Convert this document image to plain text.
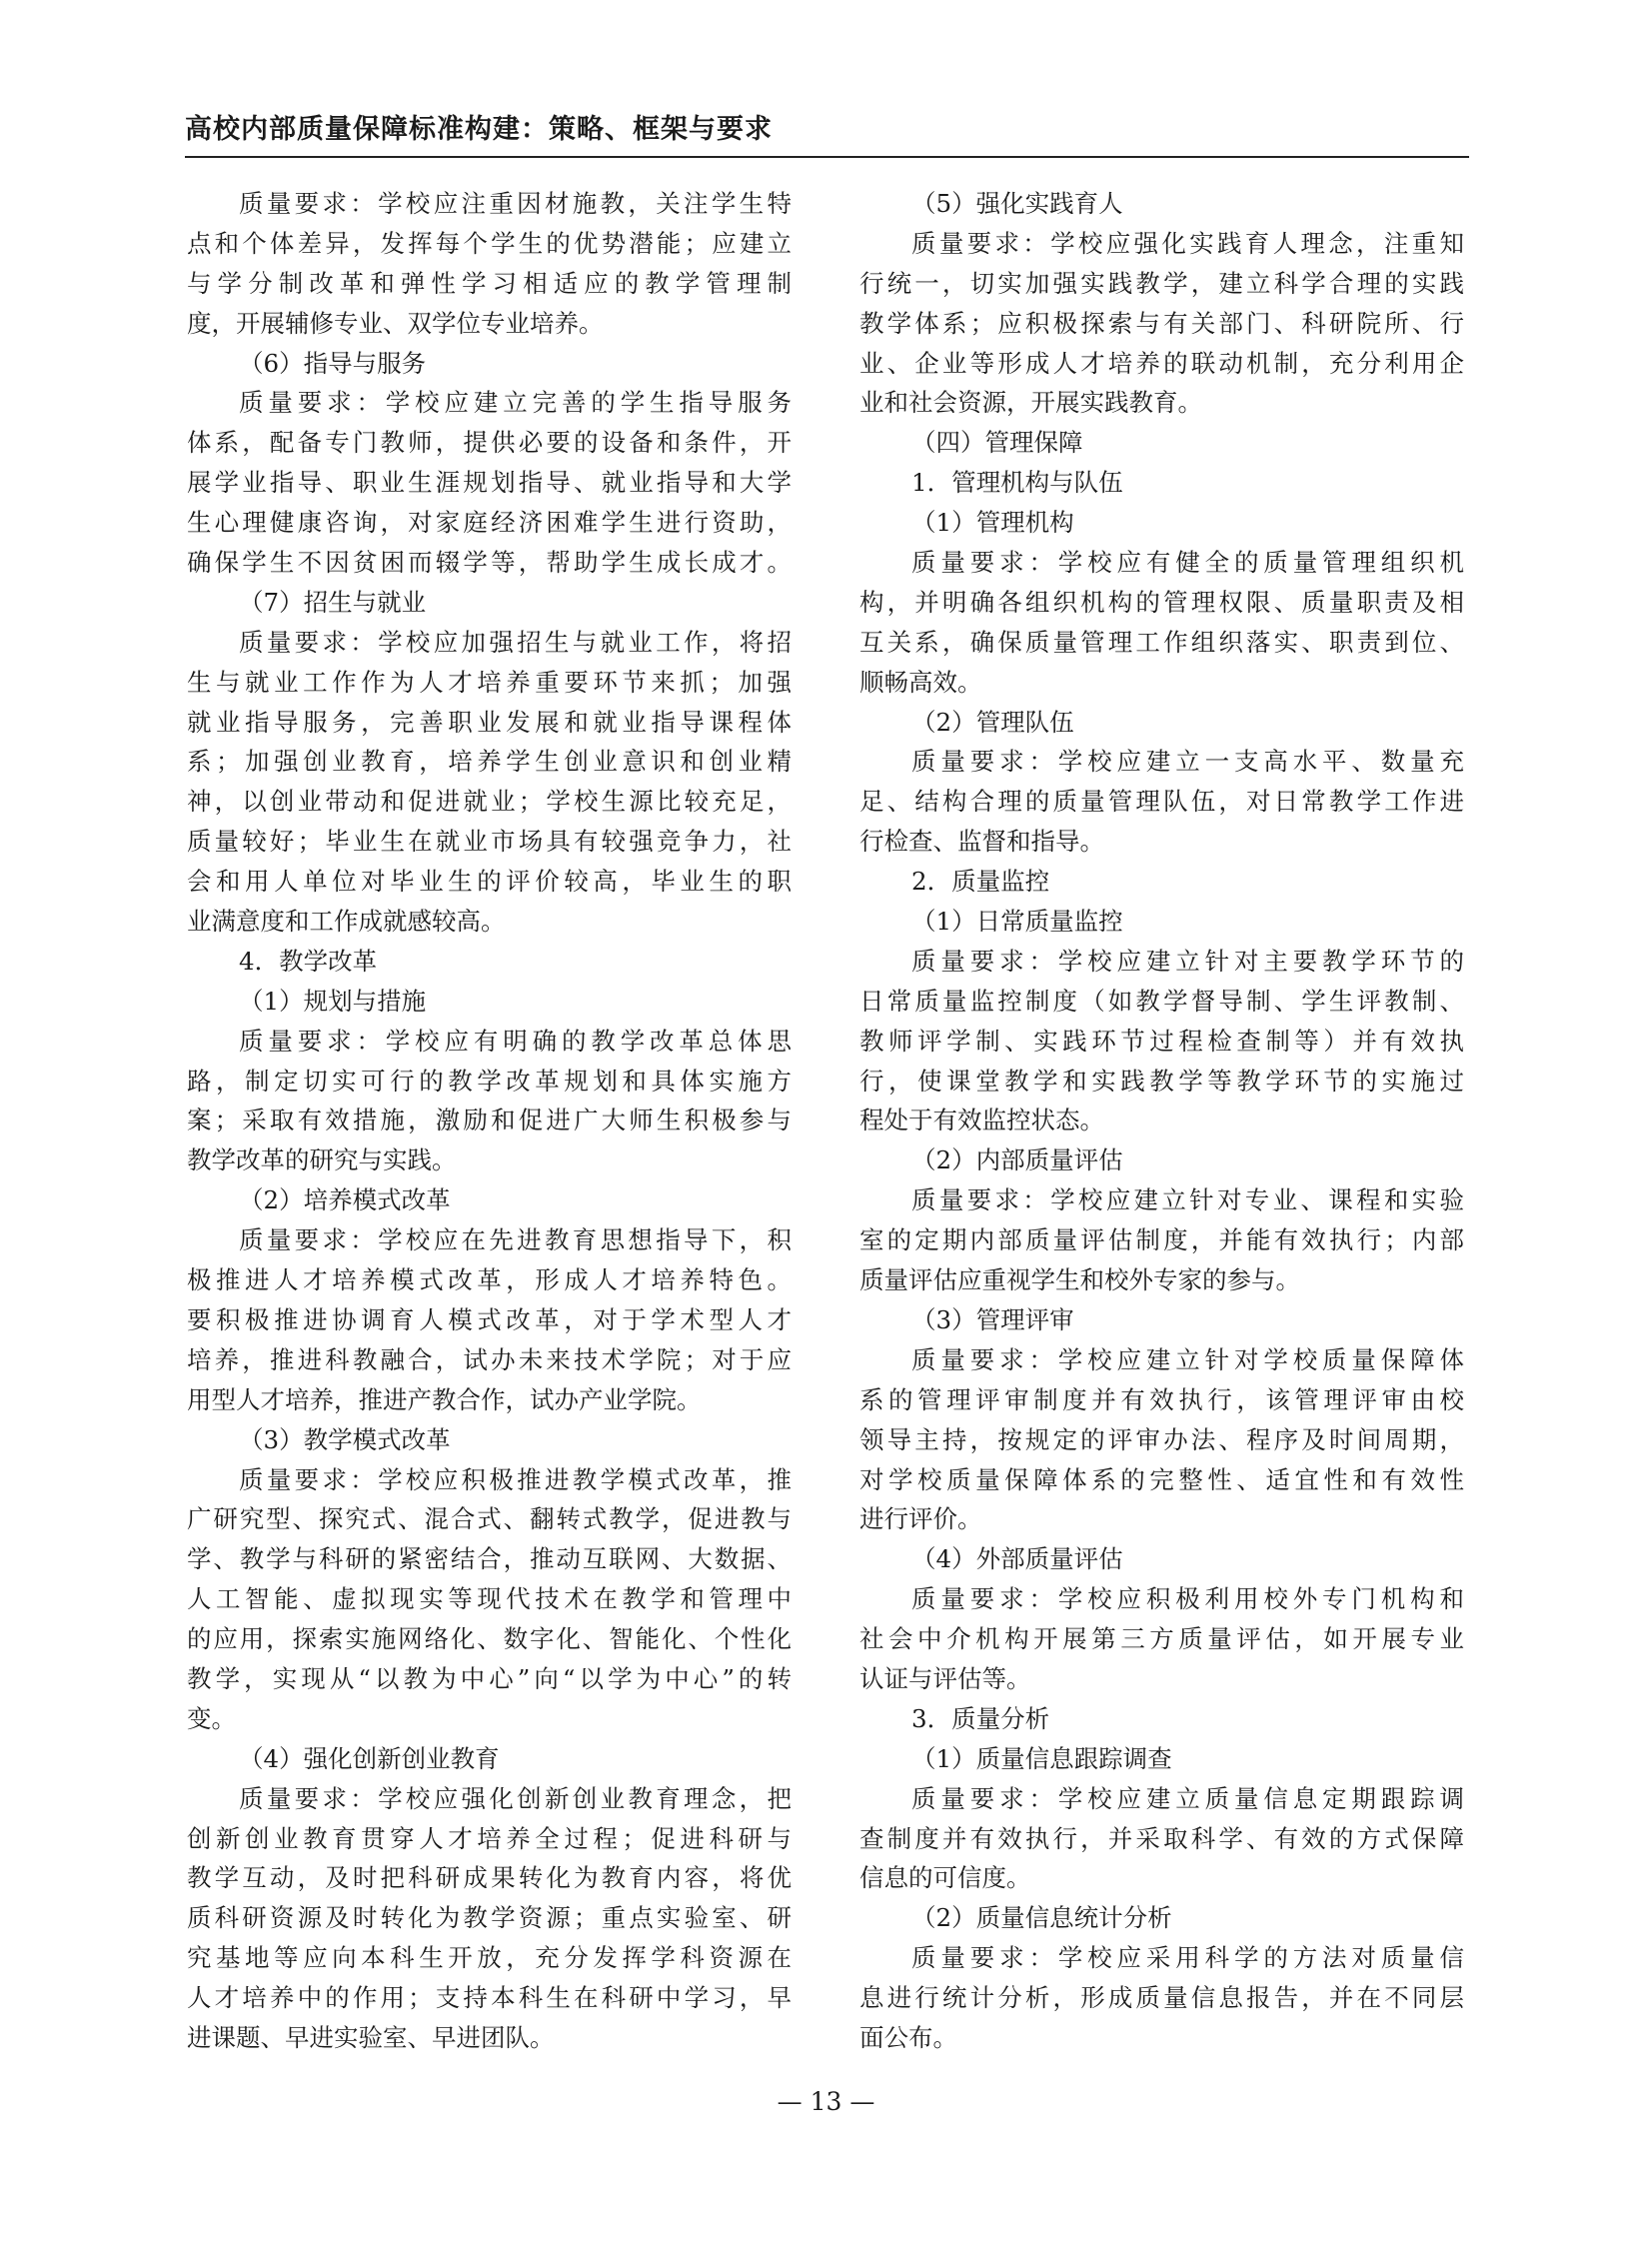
高校内部质量保障标准构建：策略、框架与要求

质量要求：学校应注重因材施教，关注学生特

点和个体差异，发挥每个学生的优势潜能；应建立

与学分制改革和弹性学习相适应的教学管理制

度，开展辅修专业、双学位专业培养。

（6）指导与服务

质量要求：学校应建立完善的学生指导服务

体系，配备专门教师，提供必要的设备和条件，开

展学业指导、职业生涯规划指导、就业指导和大学

生心理健康咨询，对家庭经济困难学生进行资助，

确保学生不因贫困而辍学等，帮助学生成长成才。

（7）招生与就业

质量要求：学校应加强招生与就业工作，将招

生与就业工作作为人才培养重要环节来抓；加强

就业指导服务，完善职业发展和就业指导课程体

系；加强创业教育，培养学生创业意识和创业精

神，以创业带动和促进就业；学校生源比较充足，

质量较好；毕业生在就业市场具有较强竞争力，社

会和用人单位对毕业生的评价较高，毕业生的职

业满意度和工作成就感较高。

4．教学改革

（1）规划与措施

质量要求：学校应有明确的教学改革总体思

路，制定切实可行的教学改革规划和具体实施方

案；采取有效措施，激励和促进广大师生积极参与

教学改革的研究与实践。

（2）培养模式改革

质量要求：学校应在先进教育思想指导下，积

极推进人才培养模式改革，形成人才培养特色。

要积极推进协调育人模式改革，对于学术型人才

培养，推进科教融合，试办未来技术学院；对于应

用型人才培养，推进产教合作，试办产业学院。

（3）教学模式改革

质量要求：学校应积极推进教学模式改革，推

广研究型、探究式、混合式、翻转式教学，促进教与

学、教学与科研的紧密结合，推动互联网、大数据、

人工智能、虚拟现实等现代技术在教学和管理中

的应用，探索实施网络化、数字化、智能化、个性化

教学，实现从“以教为中心”向“以学为中心”的转

变。

（4）强化创新创业教育

质量要求：学校应强化创新创业教育理念，把

创新创业教育贯穿人才培养全过程；促进科研与

教学互动，及时把科研成果转化为教育内容，将优

质科研资源及时转化为教学资源；重点实验室、研

究基地等应向本科生开放，充分发挥学科资源在

人才培养中的作用；支持本科生在科研中学习，早

进课题、早进实验室、早进团队。

（5）强化实践育人

质量要求：学校应强化实践育人理念，注重知

行统一，切实加强实践教学，建立科学合理的实践

教学体系；应积极探索与有关部门、科研院所、行

业、企业等形成人才培养的联动机制，充分利用企

业和社会资源，开展实践教育。

（四）管理保障

1．管理机构与队伍

（1）管理机构

质量要求：学校应有健全的质量管理组织机

构，并明确各组织机构的管理权限、质量职责及相

互关系，确保质量管理工作组织落实、职责到位、

顺畅高效。

（2）管理队伍

质量要求：学校应建立一支高水平、数量充

足、结构合理的质量管理队伍，对日常教学工作进

行检查、监督和指导。

2．质量监控

（1）日常质量监控

质量要求：学校应建立针对主要教学环节的

日常质量监控制度（如教学督导制、学生评教制、

教师评学制、实践环节过程检查制等）并有效执

行，使课堂教学和实践教学等教学环节的实施过

程处于有效监控状态。

（2）内部质量评估

质量要求：学校应建立针对专业、课程和实验

室的定期内部质量评估制度，并能有效执行；内部

质量评估应重视学生和校外专家的参与。

（3）管理评审

质量要求：学校应建立针对学校质量保障体

系的管理评审制度并有效执行，该管理评审由校

领导主持，按规定的评审办法、程序及时间周期，

对学校质量保障体系的完整性、适宜性和有效性

进行评价。

（4）外部质量评估

质量要求：学校应积极利用校外专门机构和

社会中介机构开展第三方质量评估，如开展专业

认证与评估等。

3．质量分析

（1）质量信息跟踪调查

质量要求：学校应建立质量信息定期跟踪调

查制度并有效执行，并采取科学、有效的方式保障

信息的可信度。

（2）质量信息统计分析

质量要求：学校应采用科学的方法对质量信

息进行统计分析，形成质量信息报告，并在不同层

面公布。

— 13 —
